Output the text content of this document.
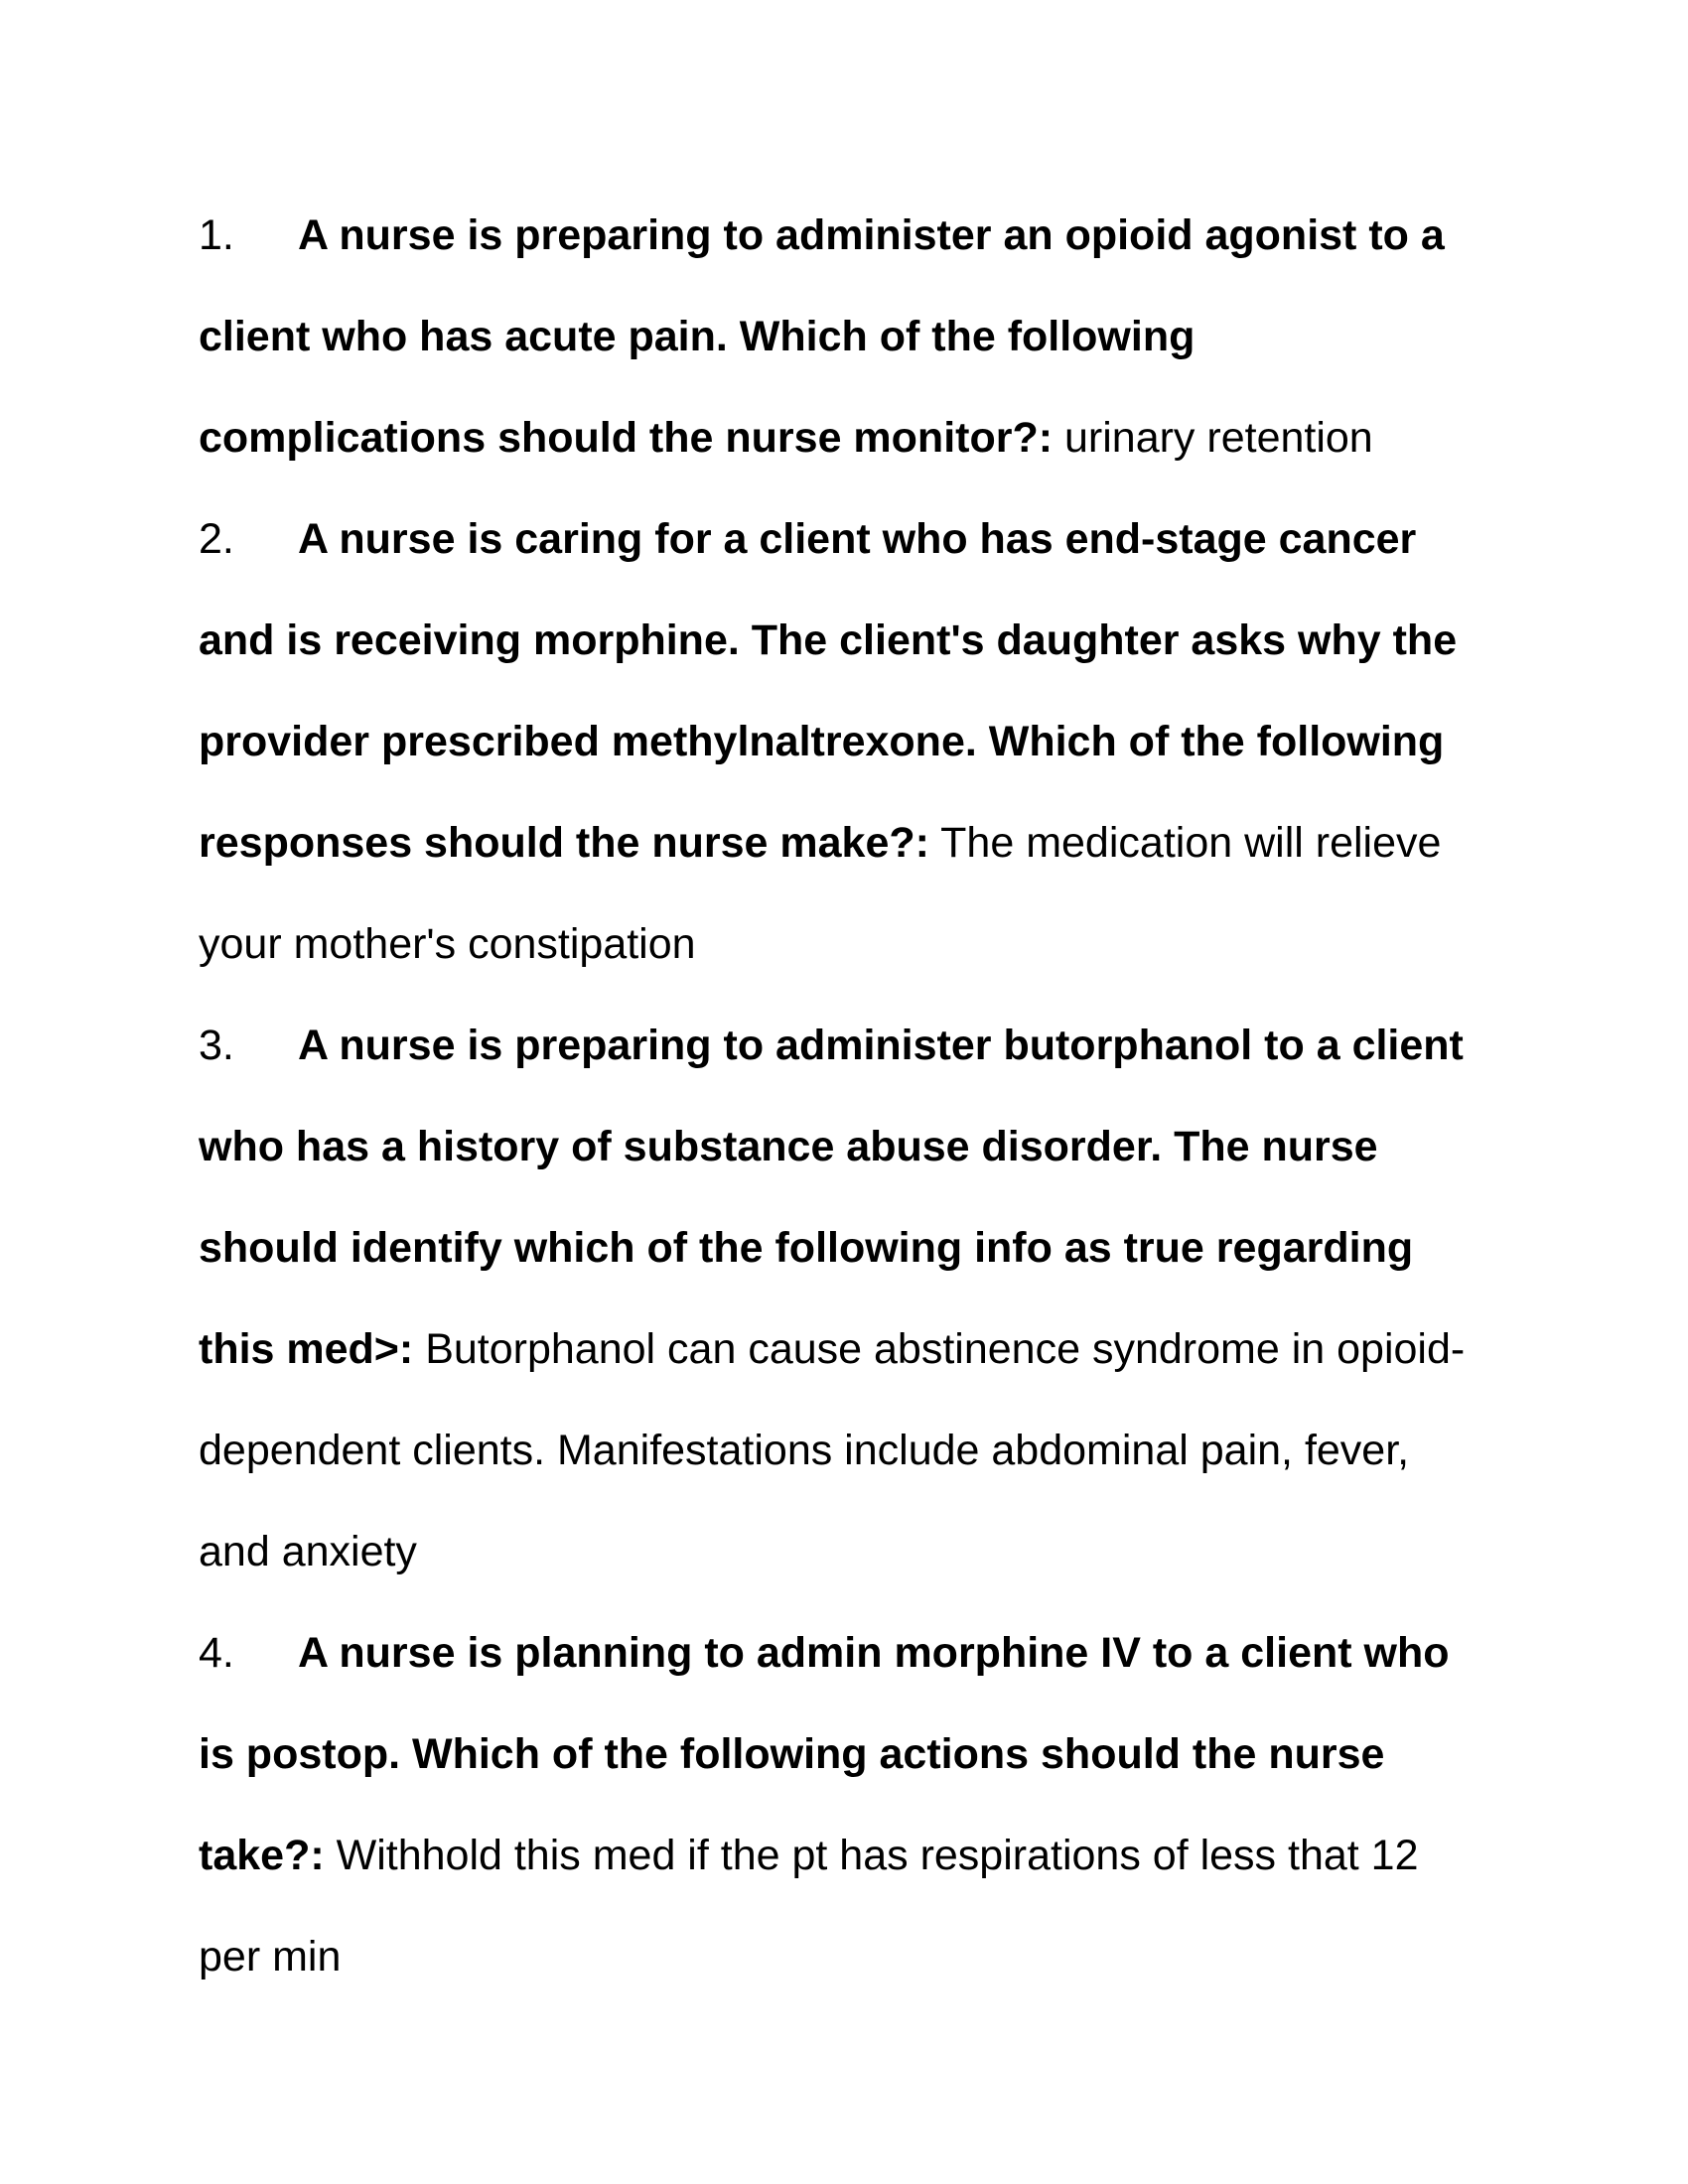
1. A nurse is preparing to administer an opioid agonist to a client who has acute pain. Which of the following complications should the nurse monitor?: urinary retention

2. A nurse is caring for a client who has end-stage cancer and is receiving morphine. The client's daughter asks why the provider prescribed methylnaltrexone. Which of the following responses should the nurse make?: The medication will relieve your mother's constipation

3. A nurse is preparing to administer butorphanol to a client who has a history of substance abuse disorder. The nurse should identify which of the following info as true regarding this med>: Butorphanol can cause abstinence syndrome in opioid-dependent clients. Manifestations include abdominal pain, fever, and anxiety

4. A nurse is planning to admin morphine IV to a client who is postop. Which of the following actions should the nurse take?: Withhold this med if the pt has respirations of less that 12 per min
